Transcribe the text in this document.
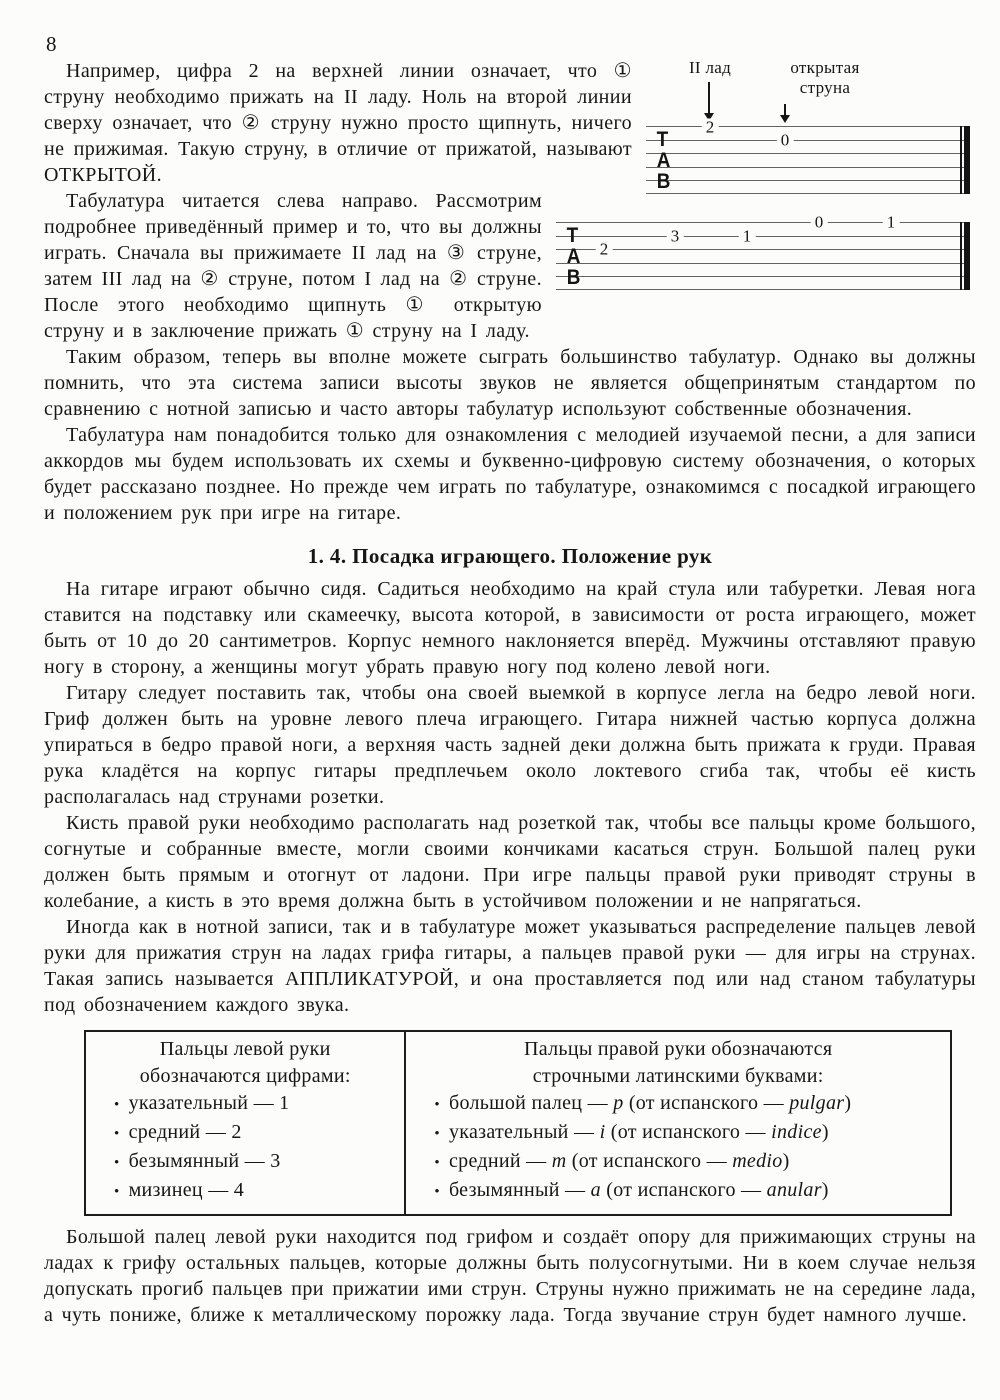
8
II лад	открытая
струна
T
A
B
2
0
T
A
B
2
3	1
0	1

Например, цифра 2 на верхней линии означает, что ① струну необходимо прижать на II ладу. Ноль на второй линии сверху означает, что ② струну нужно просто щипнуть, ничего не прижимая. Такую струну, в отличие от прижатой, называют ОТКРЫТОЙ.

Табулатура читается слева направо. Рассмотрим подробнее приведённый пример и то, что вы должны играть. Сначала вы прижимаете II лад на ③ струне, затем III лад на ② струне, потом I лад на ② струне. После этого необходимо щипнуть ① открытую струну и в заключение прижать ① струну на I ладу.

Таким образом, теперь вы вполне можете сыграть большинство табулатур. Однако вы должны помнить, что эта система записи высоты звуков не является общепринятым стандартом по сравнению с нотной записью и часто авторы табулатур используют собственные обозначения.

Табулатура нам понадобится только для ознакомления с мелодией изучаемой песни, а для записи аккордов мы будем использовать их схемы и буквенно-цифровую систему обозначения, о которых будет рассказано позднее. Но прежде чем играть по табулатуре, ознакомимся с посадкой играющего и положением рук при игре на гитаре.

1. 4. Посадка играющего. Положение рук

На гитаре играют обычно сидя. Садиться необходимо на край стула или табуретки. Левая нога ставится на подставку или скамеечку, высота которой, в зависимости от роста играющего, может быть от 10 до 20 сантиметров. Корпус немного наклоняется вперёд. Мужчины отставляют правую ногу в сторону, а женщины могут убрать правую ногу под колено левой ноги.

Гитару следует поставить так, чтобы она своей выемкой в корпусе легла на бедро левой ноги. Гриф должен быть на уровне левого плеча играющего. Гитара нижней частью корпуса должна упираться в бедро правой ноги, а верхняя часть задней деки должна быть прижата к груди. Правая рука кладётся на корпус гитары предплечьем около локтевого сгиба так, чтобы её кисть располагалась над струнами розетки.

Кисть правой руки необходимо располагать над розеткой так, чтобы все пальцы кроме большого, согнутые и собранные вместе, могли своими кончиками касаться струн. Большой палец руки должен быть прямым и отогнут от ладони. При игре пальцы правой руки приводят струны в колебание, а кисть в это время должна быть в устойчивом положении и не напрягаться.

Иногда как в нотной записи, так и в табулатуре может указываться распределение пальцев левой руки для прижатия струн на ладах грифа гитары, а пальцев правой руки — для игры на струнах. Такая запись называется АППЛИКАТУРОЙ, и она проставляется под или над станом табулатуры под обозначением каждого звука.

Пальцы левой руки
обозначаются цифрами:
• указательный — 1
• средний — 2
• безымянный — 3
• мизинец — 4

Пальцы правой руки обозначаются
строчными латинскими буквами:
• большой палец — p (от испанского — pulgar)
• указательный — i (от испанского — indice)
• средний — m (от испанского — medio)
• безымянный — a (от испанского — anular)

Большой палец левой руки находится под грифом и создаёт опору для прижимающих струны на ладах к грифу остальных пальцев, которые должны быть полусогнутыми. Ни в коем случае нельзя допускать прогиб пальцев при прижатии ими струн. Струны нужно прижимать не на середине лада, а чуть пониже, ближе к металлическому порожку лада. Тогда звучание струн будет намного лучше.
